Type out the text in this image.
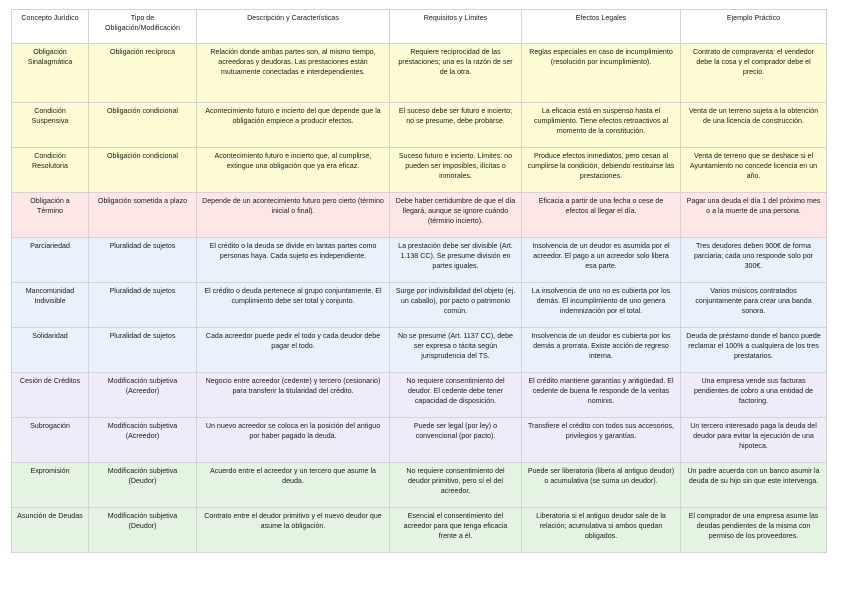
Concepto Jurídico	Tipo de Obligación/Modificación	Descripción y Características	Requisitos y Límites	Efectos Legales	Ejemplo Práctico
Obligación Sinalagmática	Obligación recíproca	Relación donde ambas partes son, al mismo tiempo, acreedoras y deudoras. Las prestaciones están mutuamente conectadas e interdependientes.	Requiere reciprocidad de las prestaciones; una es la razón de ser de la otra.	Reglas especiales en caso de incumplimiento (resolución por incumplimiento).	Contrato de compraventa: el vendedor debe la cosa y el comprador debe el precio.
Condición Suspensiva	Obligación condicional	Acontecimiento futuro e incierto del que depende que la obligación empiece a producir efectos.	El suceso debe ser futuro e incierto; no se presume, debe probarse.	La eficacia está en suspenso hasta el cumplimiento. Tiene efectos retroactivos al momento de la constitución.	Venta de un terreno sujeta a la obtención de una licencia de construcción.
Condición Resolutoria	Obligación condicional	Acontecimiento futuro e incierto que, al cumplirse, extingue una obligación que ya era eficaz.	Suceso futuro e incierto. Límites: no pueden ser imposibles, ilícitas o inmorales.	Produce efectos inmediatos, pero cesan al cumplirse la condición, debiendo restituirse las prestaciones.	Venta de terreno que se deshace si el Ayuntamiento no concede licencia en un año.
Obligación a Término	Obligación sometida a plazo	Depende de un acontecimiento futuro pero cierto (término inicial o final).	Debe haber certidumbre de que el día llegará, aunque se ignore cuándo (término incierto).	Eficacia a partir de una fecha o cese de efectos al llegar el día.	Pagar una deuda el día 1 del próximo mes o a la muerte de una persona.
Parciariedad	Pluralidad de sujetos	El crédito o la deuda se divide en tantas partes como personas haya. Cada sujeto es independiente.	La prestación debe ser divisible (Art. 1.138 CC). Se presume división en partes iguales.	Insolvencia de un deudor es asumida por el acreedor. El pago a un acreedor solo libera esa parte.	Tres deudores deben 900€ de forma parciaria; cada uno responde solo por 300€.
Mancomunidad Indivisible	Pluralidad de sujetos	El crédito o deuda pertenece al grupo conjuntamente. El cumplimiento debe ser total y conjunto.	Surge por indivisibilidad del objeto (ej. un caballo), por pacto o patrimonio común.	La insolvencia de uno no es cubierta por los demás. El incumplimiento de uno genera indemnización por el total.	Varios músicos contratados conjuntamente para crear una banda sonora.
Solidaridad	Pluralidad de sujetos	Cada acreedor puede pedir el todo y cada deudor debe pagar el todo.	No se presume (Art. 1137 CC), debe ser expresa o tácita según jurisprudencia del TS.	Insolvencia de un deudor es cubierta por los demás a prorrata. Existe acción de regreso interna.	Deuda de préstamo donde el banco puede reclamar el 100% a cualquiera de los tres prestatarios.
Cesión de Créditos	Modificación subjetiva (Acreedor)	Negocio entre acreedor (cedente) y tercero (cesionario) para transferir la titularidad del crédito.	No requiere consentimiento del deudor. El cedente debe tener capacidad de disposición.	El crédito mantiene garantías y antigüedad. El cedente de buena fe responde de la veritas nominis.	Una empresa vende sus facturas pendientes de cobro a una entidad de factoring.
Subrogación	Modificación subjetiva (Acreedor)	Un nuevo acreedor se coloca en la posición del antiguo por haber pagado la deuda.	Puede ser legal (por ley) o convencional (por pacto).	Transfiere el crédito con todos sus accesorios, privilegios y garantías.	Un tercero interesado paga la deuda del deudor para evitar la ejecución de una hipoteca.
Expromisión	Modificación subjetiva (Deudor)	Acuerdo entre el acreedor y un tercero que asume la deuda.	No requiere consentimiento del deudor primitivo, pero sí el del acreedor.	Puede ser liberatoria (libera al antiguo deudor) o acumulativa (se suma un deudor).	Un padre acuerda con un banco asumir la deuda de su hijo sin que este intervenga.
Asunción de Deudas	Modificación subjetiva (Deudor)	Contrato entre el deudor primitivo y el nuevo deudor que asume la obligación.	Esencial el consentimiento del acreedor para que tenga eficacia frente a él.	Liberatoria si el antiguo deudor sale de la relación; acumulativa si ambos quedan obligados.	El comprador de una empresa asume las deudas pendientes de la misma con permiso de los proveedores.
